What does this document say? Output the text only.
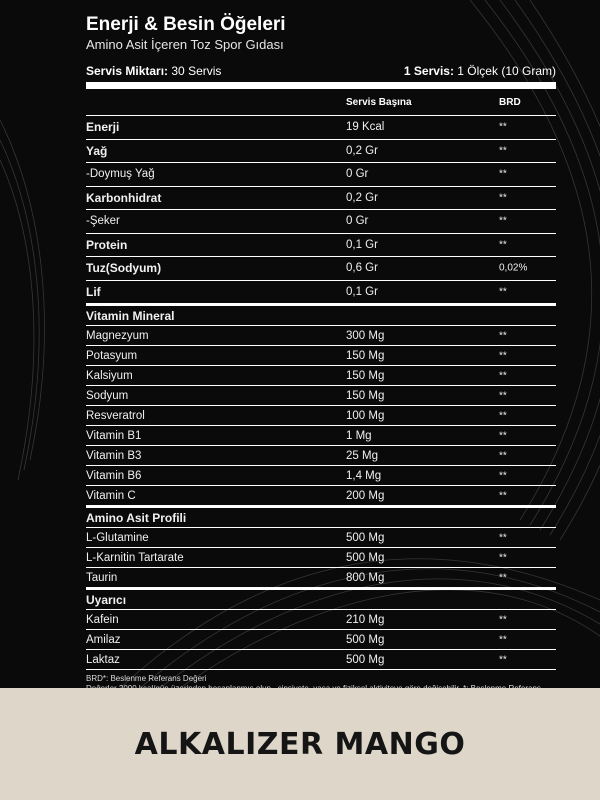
Enerji & Besin Öğeleri
Amino Asit İçeren Toz Spor Gıdası
Servis Miktarı: 30 Servis	1 Servis: 1 Ölçek (10 Gram)
Servis Başına	BRD
Enerji	19 Kcal	**
Yağ	0,2 Gr	**
-Doymuş Yağ	0 Gr	**
Karbonhidrat	0,2 Gr	**
-Şeker	0 Gr	**
Protein	0,1 Gr	**
Tuz(Sodyum)	0,6 Gr	0,02%
Lif	0,1 Gr	**
Vitamin Mineral
Magnezyum	300 Mg	**
Potasyum	150 Mg	**
Kalsiyum	150 Mg	**
Sodyum	150 Mg	**
Resveratrol	100 Mg	**
Vitamin B1	1 Mg	**
Vitamin B3	25 Mg	**
Vitamin B6	1,4 Mg	**
Vitamin C	200 Mg	**
Amino Asit Profili
L-Glutamine	500 Mg	**
L-Karnitin Tartarate	500 Mg	**
Taurin	800 Mg	**
Uyarıcı
Kafein	210 Mg	**
Amilaz	500 Mg	**
Laktaz	500 Mg	**
BRD*: Beslenme Referans Değeri
ALKALIZER MANGO
